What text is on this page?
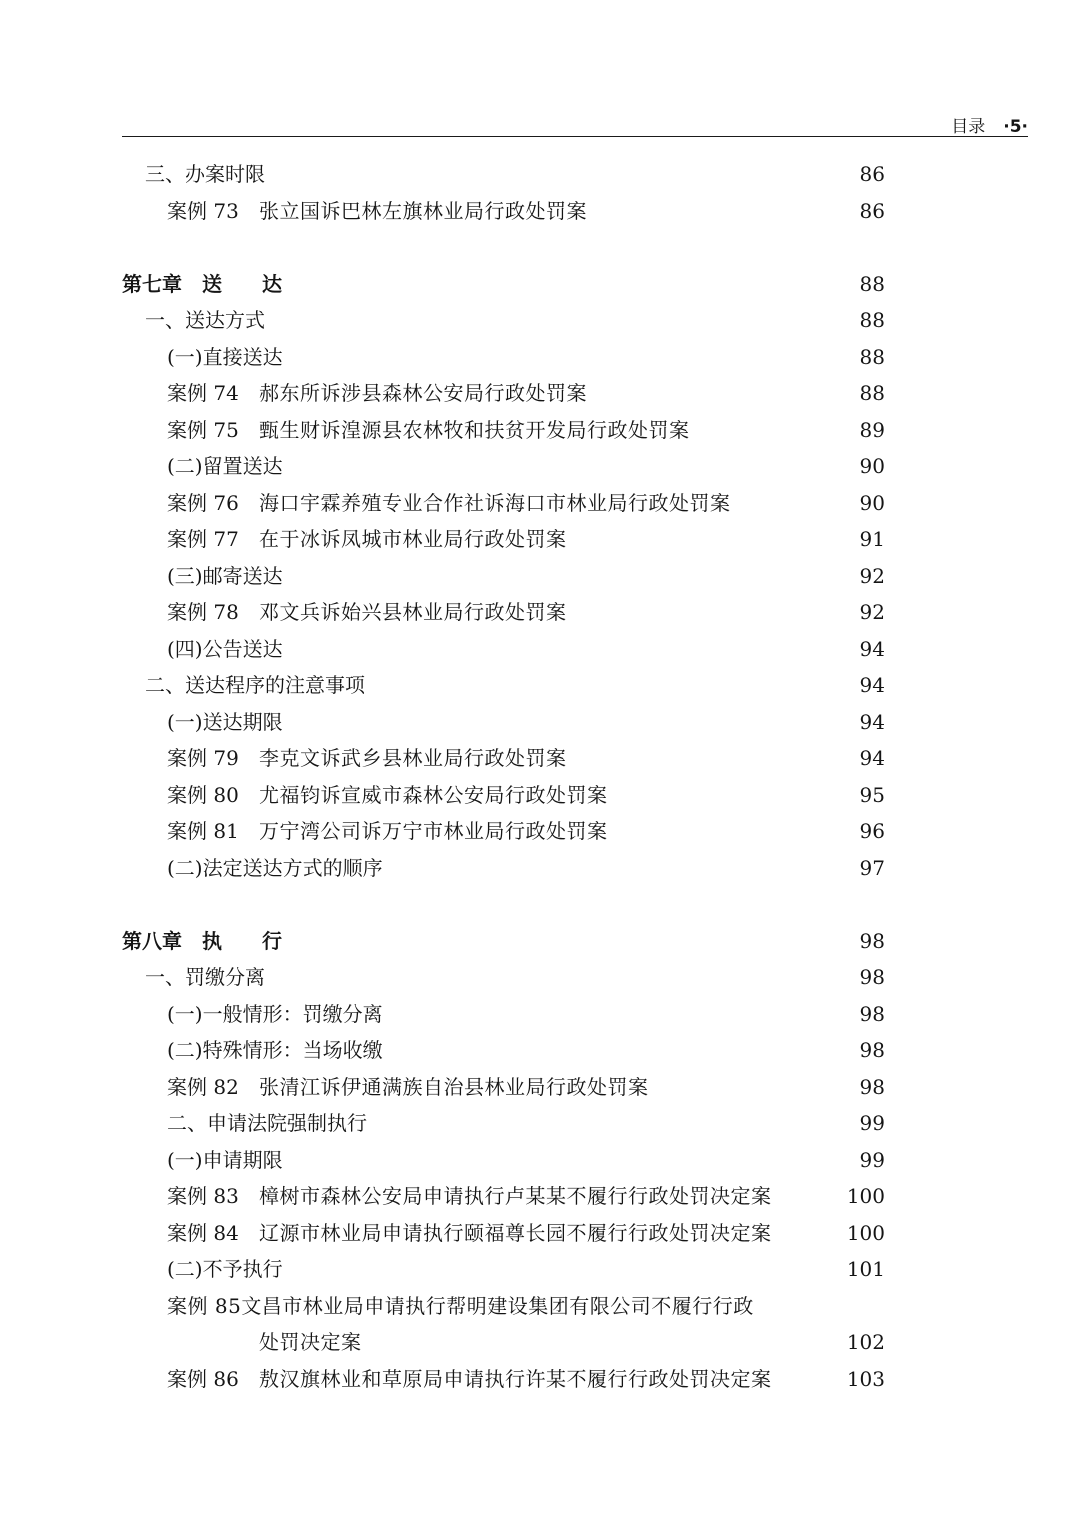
目录 ·5·
三、办案时限	86
案例 73	张立国诉巴林左旗林业局行政处罚案	86
第七章　送　　达	88
一、送达方式	88
(一)直接送达	88
案例 74	郝东所诉涉县森林公安局行政处罚案	88
案例 75	甄生财诉湟源县农林牧和扶贫开发局行政处罚案	89
(二)留置送达	90
案例 76	海口宇霖养殖专业合作社诉海口市林业局行政处罚案	90
案例 77	在于冰诉凤城市林业局行政处罚案	91
(三)邮寄送达	92
案例 78	邓文兵诉始兴县林业局行政处罚案	92
(四)公告送达	94
二、送达程序的注意事项	94
(一)送达期限	94
案例 79	李克文诉武乡县林业局行政处罚案	94
案例 80	尤福钧诉宣威市森林公安局行政处罚案	95
案例 81	万宁湾公司诉万宁市林业局行政处罚案	96
(二)法定送达方式的顺序	97
第八章　执　　行	98
一、罚缴分离	98
(一)一般情形：罚缴分离	98
(二)特殊情形：当场收缴	98
案例 82	张清江诉伊通满族自治县林业局行政处罚案	98
二、申请法院强制执行	99
(一)申请期限	99
案例 83	樟树市森林公安局申请执行卢某某不履行行政处罚决定案	100
案例 84	辽源市林业局申请执行颐福尊长园不履行行政处罚决定案	100
(二)不予执行	101
案例 85文昌市林业局申请执行帮明建设集团有限公司不履行行政
处罚决定案	102
案例 86	敖汉旗林业和草原局申请执行许某不履行行政处罚决定案	103
